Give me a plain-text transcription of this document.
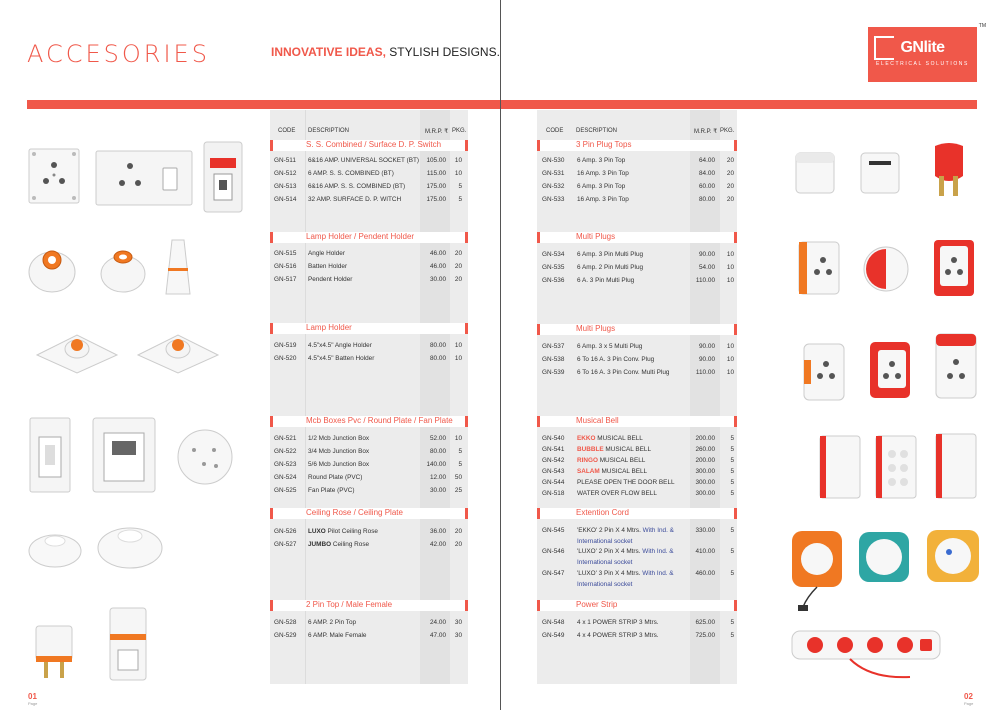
ACCESORIES	INNOVATIVE IDEAS, STYLISH DESIGNS.	GNlite
ELECTRICAL SOLUTIONS
TM
CODE DESCRIPTION	M.R.P. ₹ PKG.	CODE DESCRIPTION	M.R.P. ₹ PKG.
S. S. Combined / Surface D. P. Switch
GN-511 6&16 AMP. UNIVERSAL SOCKET (BT)	105.00	10
GN-512 6 AMP. S. S. COMBINED (BT)	115.00	10
GN-513 6&16 AMP. S. S. COMBINED (BT)	175.00	5
GN-514 32 AMP. SURFACE D. P. WITCH	175.00	5
Lamp Holder / Pendent Holder
GN-515 Angle Holder	46.00	20
GN-516 Batten Holder	46.00	20
GN-517 Pendent Holder	30.00	20
Lamp Holder
GN-519 4.5"x4.5" Angle Holder	80.00	10
GN-520 4.5"x4.5" Batten Holder	80.00	10
Mcb Boxes Pvc / Round Plate / Fan Plate
GN-521 1/2 Mcb Junction Box	52.00	10
GN-522 3/4 Mcb Junction Box	80.00	5
GN-523 5/6 Mcb Junction Box	140.00	5
GN-524 Round Plate (PVC)	12.00	50
GN-525 Fan Plate (PVC)	30.00	25
Ceiling Rose / Ceiling Plate
GN-526 LUXO Pilot Ceiling Rose	36.00	20
GN-527 JUMBO Ceiling Rose	42.00	20
2 Pin Top / Male Female
GN-528 6 AMP. 2 Pin Top	24.00	30
GN-529 6 AMP. Male Female	47.00	30
3 Pin Plug Tops
GN-530 6 Amp. 3 Pin Top	64.00	20
GN-531 16 Amp. 3 Pin Top	84.00	20
GN-532 6 Amp. 3 Pin Top	60.00	20
GN-533 16 Amp. 3 Pin Top	80.00	20
Multi Plugs
GN-534 6 Amp. 3 Pin Multi Plug	90.00	10
GN-535 6 Amp. 2 Pin Multi Plug	54.00	10
GN-536 6 A. 3 Pin Multi Plug	110.00	10
Multi Plugs
GN-537 6 Amp. 3 x 5 Multi Plug	90.00	10
GN-538 6 To 16 A. 3 Pin Conv. Plug	90.00	10
GN-539 6 To 16 A. 3 Pin Conv. Multi Plug	110.00	10
Musical Bell
GN-540 EKKO MUSICAL BELL	200.00	5
GN-541 BUBBLE MUSICAL BELL	260.00	5
GN-542 RINGO MUSICAL BELL	200.00	5
GN-543 SALAM MUSICAL BELL	300.00	5
GN-544 PLEASE OPEN THE DOOR BELL	300.00	5
GN-518 WATER OVER FLOW BELL	300.00	5
Extention Cord
GN-545 'EKKO' 2 Pin X 4 Mtrs. With Ind. &	330.00	5
International socket
GN-546 'LUXO' 2 Pin X 4 Mtrs. With Ind. &	410.00	5
International socket
GN-547 'LUXO' 3 Pin X 4 Mtrs. With Ind. &	460.00	5
International socket
Power Strip
GN-548 4 x 1 POWER STRIP 3 Mtrs.	625.00	5
GN-549 4 x 4 POWER STRIP 3 Mtrs.	725.00	5
01
Page
02
Page
